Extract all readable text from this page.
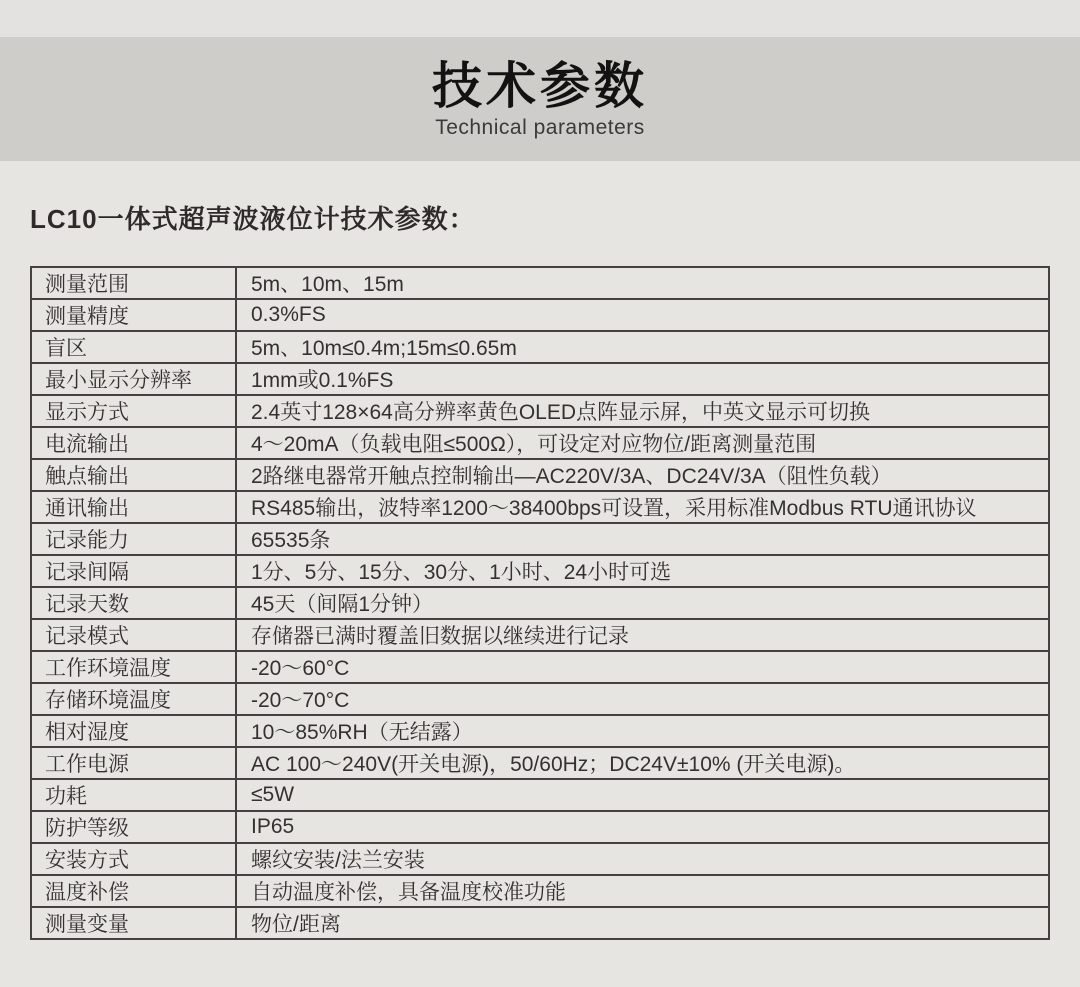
技术参数
Technical parameters
LC10一体式超声波液位计技术参数：
测量范围	5m、10m、15m
测量精度	0.3%FS
盲区	5m、10m≤0.4m;15m≤0.65m
最小显示分辨率	1mm或0.1%FS
显示方式	2.4英寸128×64高分辨率黄色OLED点阵显示屏，中英文显示可切换
电流输出	4～20mA（负载电阻≤500Ω），可设定对应物位/距离测量范围
触点输出	2路继电器常开触点控制输出—AC220V/3A、DC24V/3A（阻性负载）
通讯输出	RS485输出，波特率1200～38400bps可设置，采用标准Modbus RTU通讯协议
记录能力	65535条
记录间隔	1分、5分、15分、30分、1小时、24小时可选
记录天数	45天（间隔1分钟）
记录模式	存储器已满时覆盖旧数据以继续进行记录
工作环境温度	-20～60°C
存储环境温度	-20～70°C
相对湿度	10～85%RH（无结露）
工作电源	AC 100～240V(开关电源)，50/60Hz；DC24V±10% (开关电源)。
功耗	≤5W
防护等级	IP65
安装方式	螺纹安装/法兰安装
温度补偿	自动温度补偿，具备温度校准功能
测量变量	物位/距离
